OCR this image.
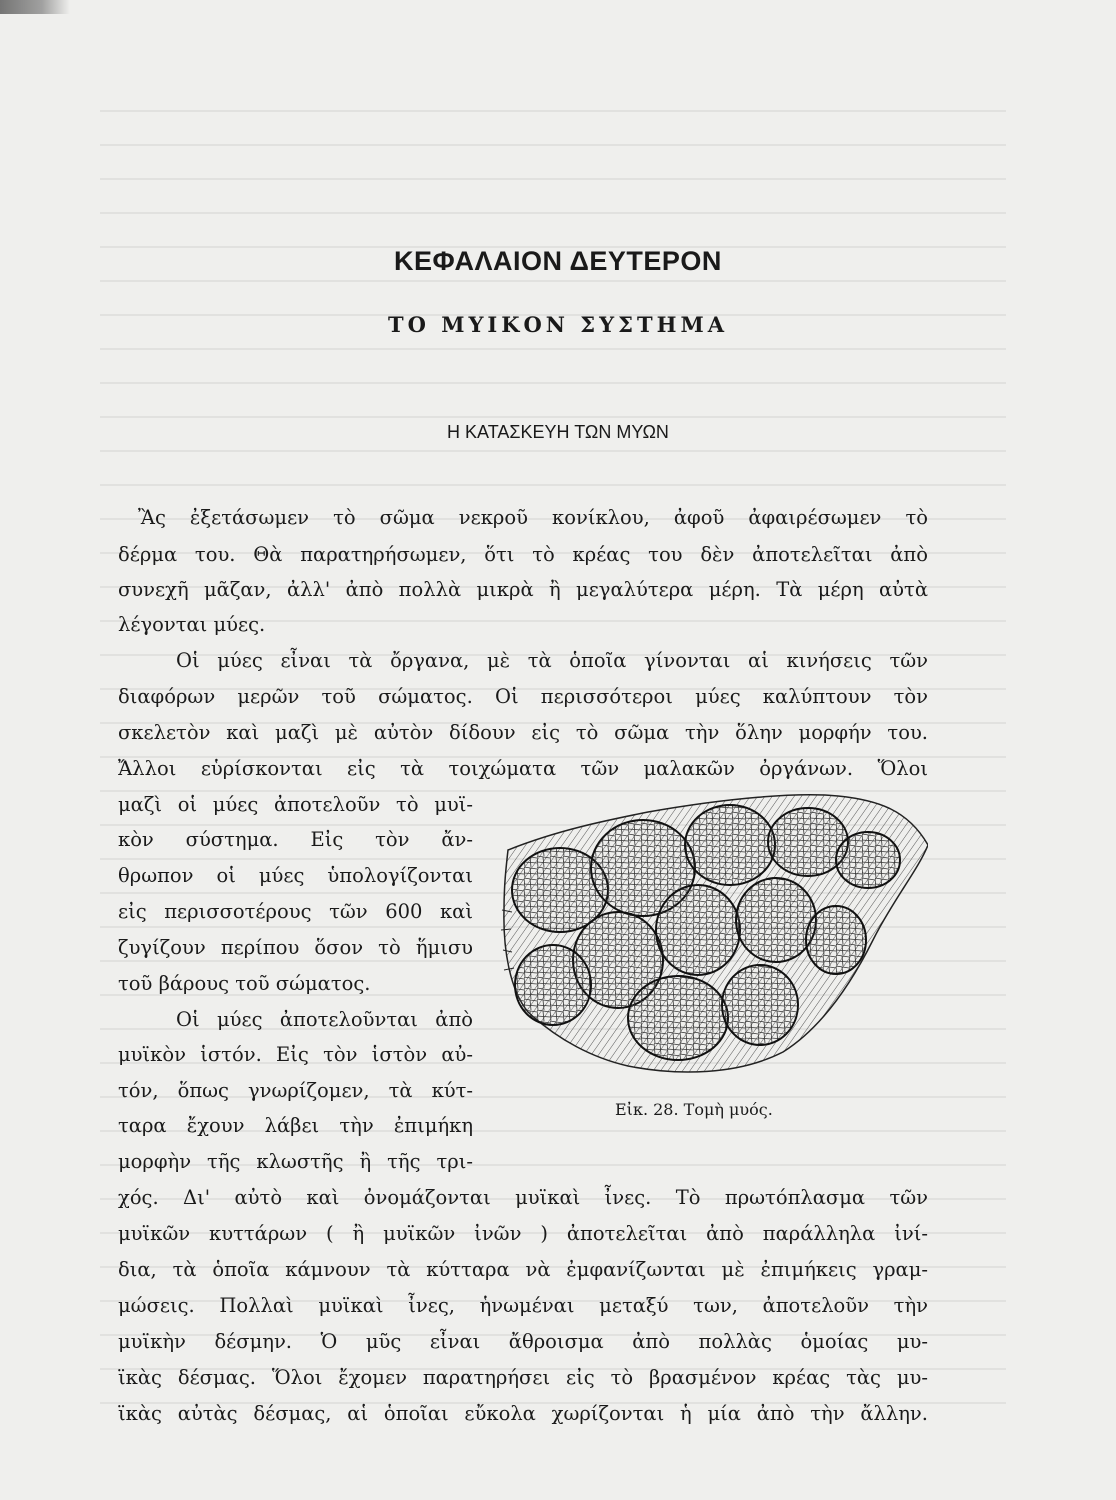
ΚΕΦΑΛΑΙΟΝ ΔΕΥΤΕΡΟΝ
ΤΟ ΜΥΙΚΟΝ ΣΥΣΤΗΜΑ
Η ΚΑΤΑΣΚΕΥΗ ΤΩΝ ΜΥΩΝ
Ἂς ἐξετάσωμεν τὸ σῶμα νεκροῦ κονίκλου, ἀφοῦ ἀφαιρέσωμεν τὸ
δέρμα του. Θὰ παρατηρήσωμεν, ὅτι τὸ κρέας του δὲν ἀποτελεῖται ἀπὸ
συνεχῆ μᾶζαν, ἀλλ' ἀπὸ πολλὰ μικρὰ ἢ μεγαλύτερα μέρη. Τὰ μέρη αὐτὰ
λέγονται μύες.
Οἱ μύες εἶναι τὰ ὄργανα, μὲ τὰ ὁποῖα γίνονται αἱ κινήσεις τῶν
διαφόρων μερῶν τοῦ σώματος. Οἱ περισσότεροι μύες καλύπτουν τὸν
σκελετὸν καὶ μαζὶ μὲ αὐτὸν δίδουν εἰς τὸ σῶμα τὴν ὅλην μορφήν του.
Ἄλλοι εὑρίσκονται εἰς τὰ τοιχώματα τῶν μαλακῶν ὀργάνων. Ὅλοι
μαζὶ οἱ μύες ἀποτελοῦν τὸ μυϊ-
κὸν σύστημα. Εἰς τὸν ἄν-
θρωπον οἱ μύες ὑπολογίζονται
εἰς περισσοτέρους τῶν 600 καὶ
ζυγίζουν περίπου ὅσον τὸ ἥμισυ
τοῦ βάρους τοῦ σώματος.
Οἱ μύες ἀποτελοῦνται ἀπὸ
μυϊκὸν ἱστόν. Εἰς τὸν ἱστὸν αὐ-
τόν, ὅπως γνωρίζομεν, τὰ κύτ-
ταρα ἔχουν λάβει τὴν ἐπιμήκη
μορφὴν τῆς κλωστῆς ἢ τῆς τρι-
χός. Δι' αὐτὸ καὶ ὀνομάζονται μυϊκαὶ ἶνες. Τὸ πρωτόπλασμα τῶν
μυϊκῶν κυττάρων ( ἢ μυϊκῶν ἰνῶν ) ἀποτελεῖται ἀπὸ παράλληλα ἰνί-
δια, τὰ ὁποῖα κάμνουν τὰ κύτταρα νὰ ἐμφανίζωνται μὲ ἐπιμήκεις γραμ-
μώσεις. Πολλαὶ μυϊκαὶ ἶνες, ἡνωμέναι μεταξύ των, ἀποτελοῦν τὴν
μυϊκὴν δέσμην. Ὁ μῦς εἶναι ἄθροισμα ἀπὸ πολλὰς ὁμοίας μυ-
ϊκὰς δέσμας. Ὅλοι ἔχομεν παρατηρήσει εἰς τὸ βρασμένον κρέας τὰς μυ-
ϊκὰς αὐτὰς δέσμας, αἱ ὁποῖαι εὔκολα χωρίζονται ἡ μία ἀπὸ τὴν ἄλλην.
Εἰκ. 28. Τομὴ μυός.
